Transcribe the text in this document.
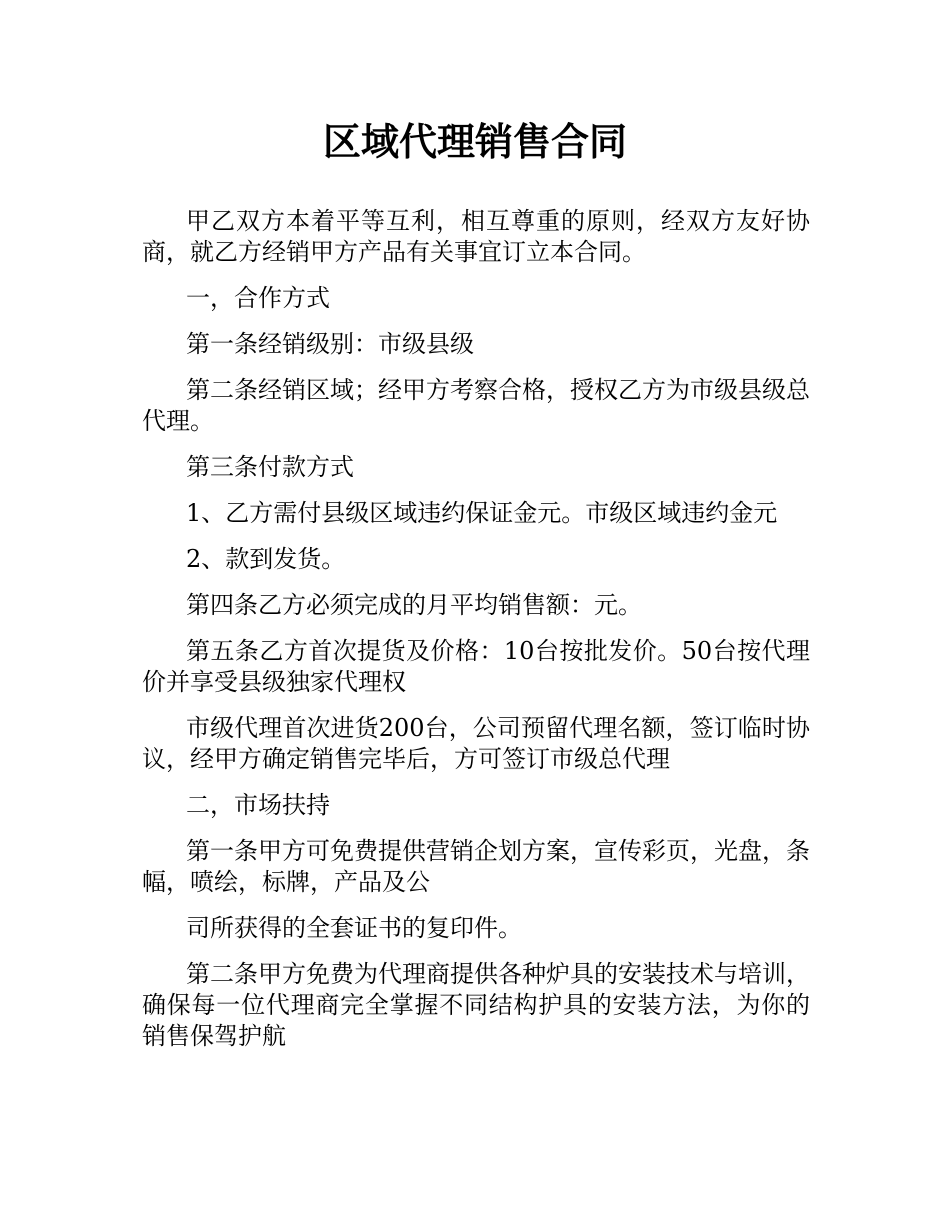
区域代理销售合同

甲乙双方本着平等互利，相互尊重的原则，经双方友好协商，就乙方经销甲方产品有关事宜订立本合同。

一，合作方式

第一条经销级别：市级县级

第二条经销区域；经甲方考察合格，授权乙方为市级县级总代理。

第三条付款方式

1、乙方需付县级区域违约保证金元。市级区域违约金元

2、款到发货。

第四条乙方必须完成的月平均销售额：元。

第五条乙方首次提货及价格：10台按批发价。50台按代理价并享受县级独家代理权

市级代理首次进货200台，公司预留代理名额，签订临时协议，经甲方确定销售完毕后，方可签订市级总代理

二，市场扶持

第一条甲方可免费提供营销企划方案，宣传彩页，光盘，条幅，喷绘，标牌，产品及公

司所获得的全套证书的复印件。

第二条甲方免费为代理商提供各种炉具的安装技术与培训，确保每一位代理商完全掌握不同结构护具的安装方法，为你的销售保驾护航
